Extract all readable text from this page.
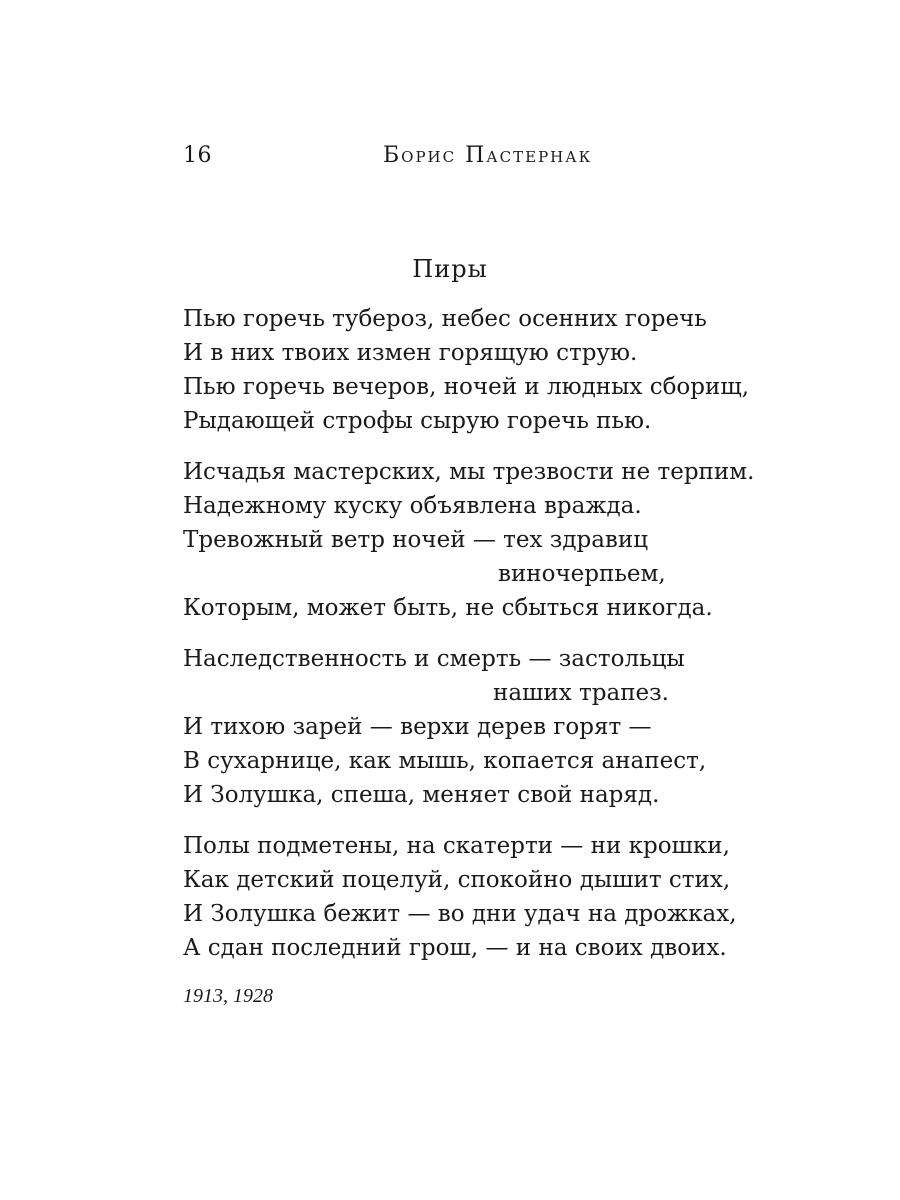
16	Борис Пастернак
Пиры
Пью горечь тубероз, небес осенних горечь
И в них твоих измен горящую струю.
Пью горечь вечеров, ночей и людных сборищ,
Рыдающей строфы сырую горечь пью.
Исчадья мастерских, мы трезвости не терпим.
Надежному куску объявлена вражда.
Тревожный ветр ночей — тех здравиц
виночерпьем,
Которым, может быть, не сбыться никогда.
Наследственность и смерть — застольцы
наших трапез.
И тихою зарей — верхи дерев горят —
В сухарнице, как мышь, копается анапест,
И Золушка, спеша, меняет свой наряд.
Полы подметены, на скатерти — ни крошки,
Как детский поцелуй, спокойно дышит стих,
И Золушка бежит — во дни удач на дрожках,
А сдан последний грош, — и на своих двоих.
1913, 1928
